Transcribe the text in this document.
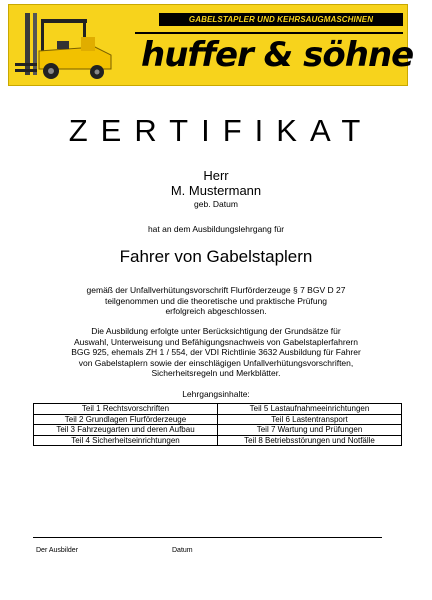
GABELSTAPLER UND KEHRSAUGMASCHINEN
huffer & söhne
ZERTIFIKAT
Herr
M. Mustermann
geb. Datum
hat an dem Ausbildungslehrgang für
Fahrer von Gabelstaplern
gemäß der Unfallverhütungsvorschrift Flurförderzeuge § 7 BGV D 27
teilgenommen und die theoretische und praktische Prüfung
erfolgreich abgeschlossen.
Die Ausbildung erfolgte unter Berücksichtigung der Grundsätze für
Auswahl, Unterweisung und Befähigungsnachweis von Gabelstaplerfahrern
BGG 925, ehemals ZH 1 / 554, der VDI Richtlinie 3632 Ausbildung für Fahrer
von Gabelstaplern sowie der einschlägigen Unfallverhütungsvorschriften,
Sicherheitsregeln und Merkblätter.
Lehrgangsinhalte:
Teil 1 Rechtsvorschriften	Teil 5 Lastaufnahmeeinrichtungen
Teil 2 Grundlagen Flurförderzeuge	Teil 6 Lastentransport
Teil 3 Fahrzeugarten und deren Aufbau	Teil 7 Wartung und Prüfungen
Teil 4 Sicherheitseinrichtungen	Teil 8 Betriebsstörungen und Notfälle
Der Ausbilder	Datum
